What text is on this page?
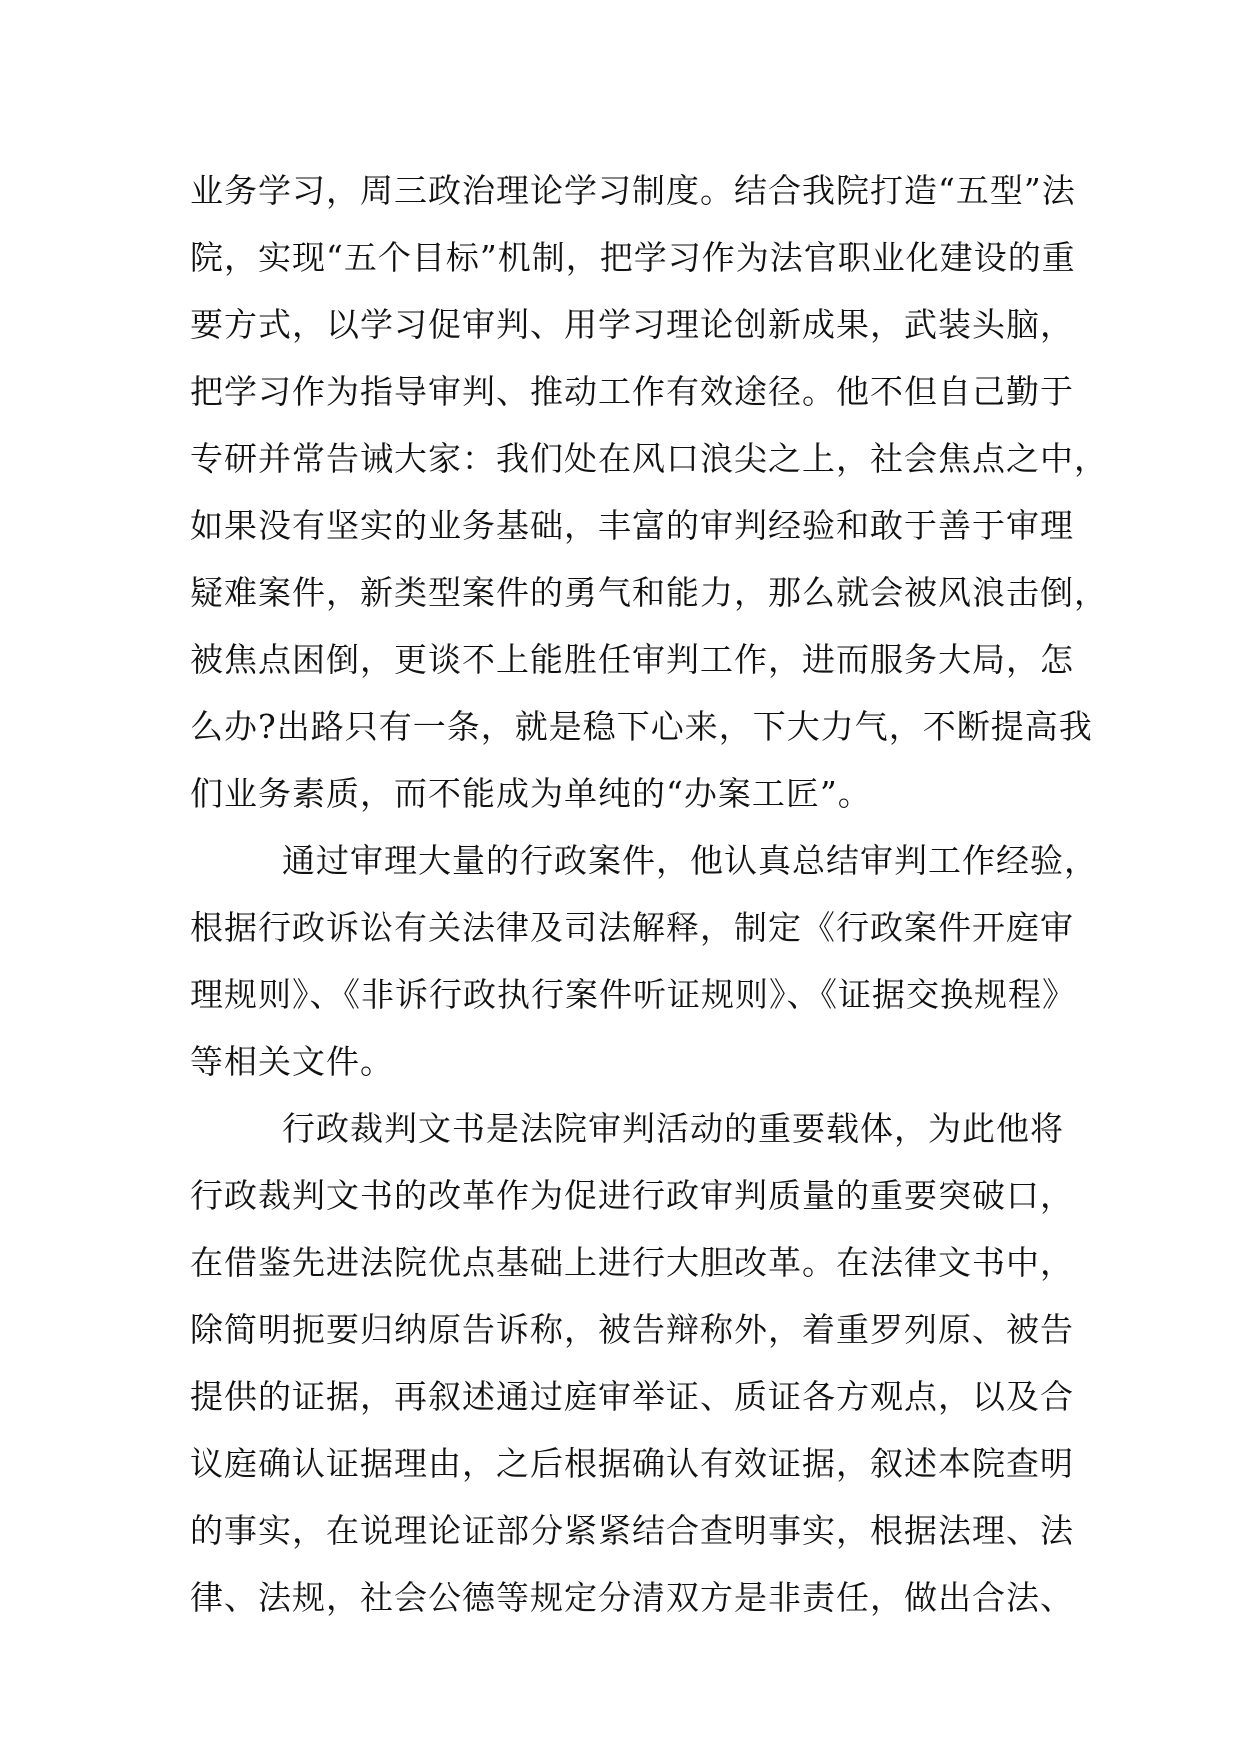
业务学习，周三政治理论学习制度。结合我院打造“五型”法
院，实现“五个目标”机制，把学习作为法官职业化建设的重
要方式，以学习促审判、用学习理论创新成果，武装头脑，
把学习作为指导审判、推动工作有效途径。他不但自己勤于
专研并常告诫大家：我们处在风口浪尖之上，社会焦点之中，
如果没有坚实的业务基础，丰富的审判经验和敢于善于审理
疑难案件，新类型案件的勇气和能力，那么就会被风浪击倒，
被焦点困倒，更谈不上能胜任审判工作，进而服务大局，怎
么办?出路只有一条，就是稳下心来，下大力气，不断提高我
们业务素质，而不能成为单纯的“办案工匠”。
通过审理大量的行政案件，他认真总结审判工作经验，
根据行政诉讼有关法律及司法解释，制定《行政案件开庭审
理规则》、《非诉行政执行案件听证规则》、《证据交换规程》
等相关文件。
行政裁判文书是法院审判活动的重要载体，为此他将
行政裁判文书的改革作为促进行政审判质量的重要突破口，
在借鉴先进法院优点基础上进行大胆改革。在法律文书中，
除简明扼要归纳原告诉称，被告辩称外，着重罗列原、被告
提供的证据，再叙述通过庭审举证、质证各方观点，以及合
议庭确认证据理由，之后根据确认有效证据，叙述本院查明
的事实，在说理论证部分紧紧结合查明事实，根据法理、法
律、法规，社会公德等规定分清双方是非责任，做出合法、
